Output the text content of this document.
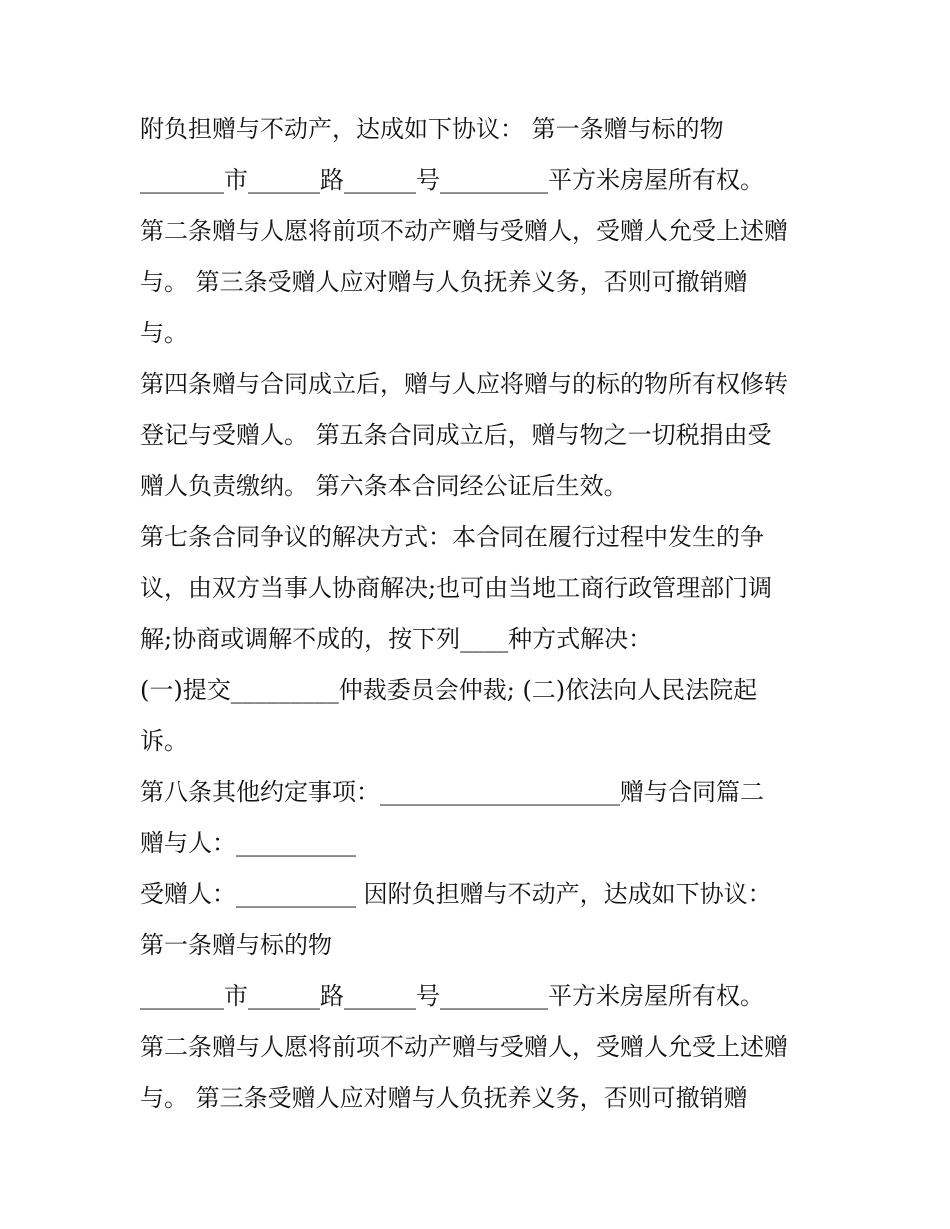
附负担赠与不动产，达成如下协议： 第一条赠与标的物
_______市______路______号_________平方米房屋所有权。
第二条赠与人愿将前项不动产赠与受赠人，受赠人允受上述赠
与。 第三条受赠人应对赠与人负抚养义务，否则可撤销赠
与。
第四条赠与合同成立后，赠与人应将赠与的标的物所有权修转
登记与受赠人。 第五条合同成立后，赠与物之一切税捐由受
赠人负责缴纳。 第六条本合同经公证后生效。
第七条合同争议的解决方式：本合同在履行过程中发生的争
议，由双方当事人协商解决;也可由当地工商行政管理部门调
解;协商或调解不成的，按下列____种方式解决：
(一)提交_________仲裁委员会仲裁; (二)依法向人民法院起
诉。
第八条其他约定事项：____________________赠与合同篇二
赠与人：__________
受赠人：__________ 因附负担赠与不动产，达成如下协议：
第一条赠与标的物
_______市______路______号_________平方米房屋所有权。
第二条赠与人愿将前项不动产赠与受赠人，受赠人允受上述赠
与。 第三条受赠人应对赠与人负抚养义务，否则可撤销赠
